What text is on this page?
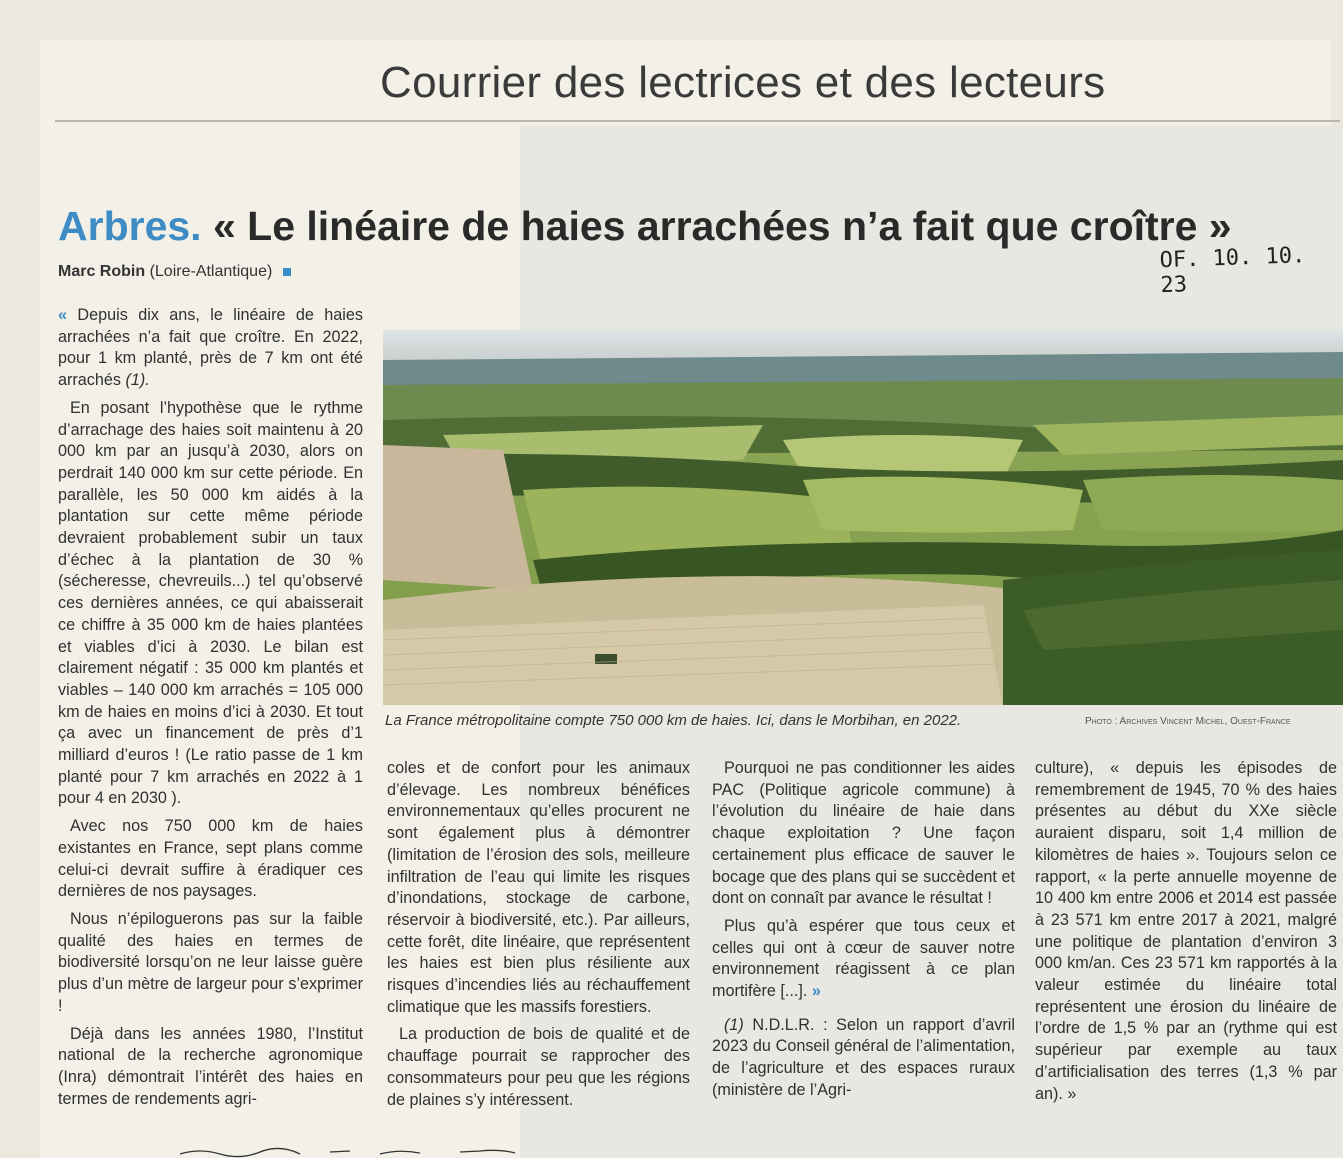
Courrier des lectrices et des lecteurs
Arbres. « Le linéaire de haies arrachées n’a fait que croître »
Marc Robin (Loire-Atlantique)	OF. 10. 10. 23
La France métropolitaine compte 750 000 km de haies. Ici, dans le Morbihan, en 2022.	Photo : Archives Vincent Michel, Ouest-France

« Depuis dix ans, le linéaire de haies arrachées n’a fait que croître. En 2022, pour 1 km planté, près de 7 km ont été arrachés (1).

En posant l’hypothèse que le rythme d’arrachage des haies soit maintenu à 20 000 km par an jusqu’à 2030, alors on perdrait 140 000 km sur cette période. En parallèle, les 50 000 km aidés à la plantation sur cette même période devraient probablement subir un taux d’échec à la plantation de 30 % (sécheresse, chevreuils...) tel qu’observé ces dernières années, ce qui abaisserait ce chiffre à 35 000 km de haies plantées et viables d’ici à 2030. Le bilan est clairement négatif : 35 000 km plantés et viables – 140 000 km arrachés = 105 000 km de haies en moins d’ici à 2030. Et tout ça avec un financement de près d’1 milliard d’euros ! (Le ratio passe de 1 km planté pour 7 km arrachés en 2022 à 1 pour 4 en 2030 ).

Avec nos 750 000 km de haies existantes en France, sept plans comme celui-ci devrait suffire à éradiquer ces dernières de nos paysages.

Nous n’épiloguerons pas sur la faible qualité des haies en termes de biodiversité lorsqu’on ne leur laisse guère plus d’un mètre de largeur pour s’exprimer !

Déjà dans les années 1980, l’Institut national de la recherche agronomique (Inra) démontrait l’intérêt des haies en termes de rendements agri-

coles et de confort pour les animaux d’élevage. Les nombreux bénéfices environnementaux qu’elles procurent ne sont également plus à démontrer (limitation de l’érosion des sols, meilleure infiltration de l’eau qui limite les risques d’inondations, stockage de carbone, réservoir à biodiversité, etc.). Par ailleurs, cette forêt, dite linéaire, que représentent les haies est bien plus résiliente aux risques d’incendies liés au réchauffement climatique que les massifs forestiers.

La production de bois de qualité et de chauffage pourrait se rapprocher des consommateurs pour peu que les régions de plaines s’y intéressent.

Pourquoi ne pas conditionner les aides PAC (Politique agricole commune) à l’évolution du linéaire de haie dans chaque exploitation ? Une façon certainement plus efficace de sauver le bocage que des plans qui se succèdent et dont on connaît par avance le résultat !

Plus qu’à espérer que tous ceux et celles qui ont à cœur de sauver notre environnement réagissent à ce plan mortifère [...]. »

(1) N.D.L.R. : Selon un rapport d’avril 2023 du Conseil général de l’alimentation, de l’agriculture et des espaces ruraux (ministère de l’Agri-

culture), « depuis les épisodes de remembrement de 1945, 70 % des haies présentes au début du XXe siècle auraient disparu, soit 1,4 million de kilomètres de haies ». Toujours selon ce rapport, « la perte annuelle moyenne de 10 400 km entre 2006 et 2014 est passée à 23 571 km entre 2017 à 2021, malgré une politique de plantation d’environ 3 000 km/an. Ces 23 571 km rapportés à la valeur estimée du linéaire total représentent une érosion du linéaire de l’ordre de 1,5 % par an (rythme qui est supérieur par exemple au taux d’artificialisation des terres (1,3 % par an). »
